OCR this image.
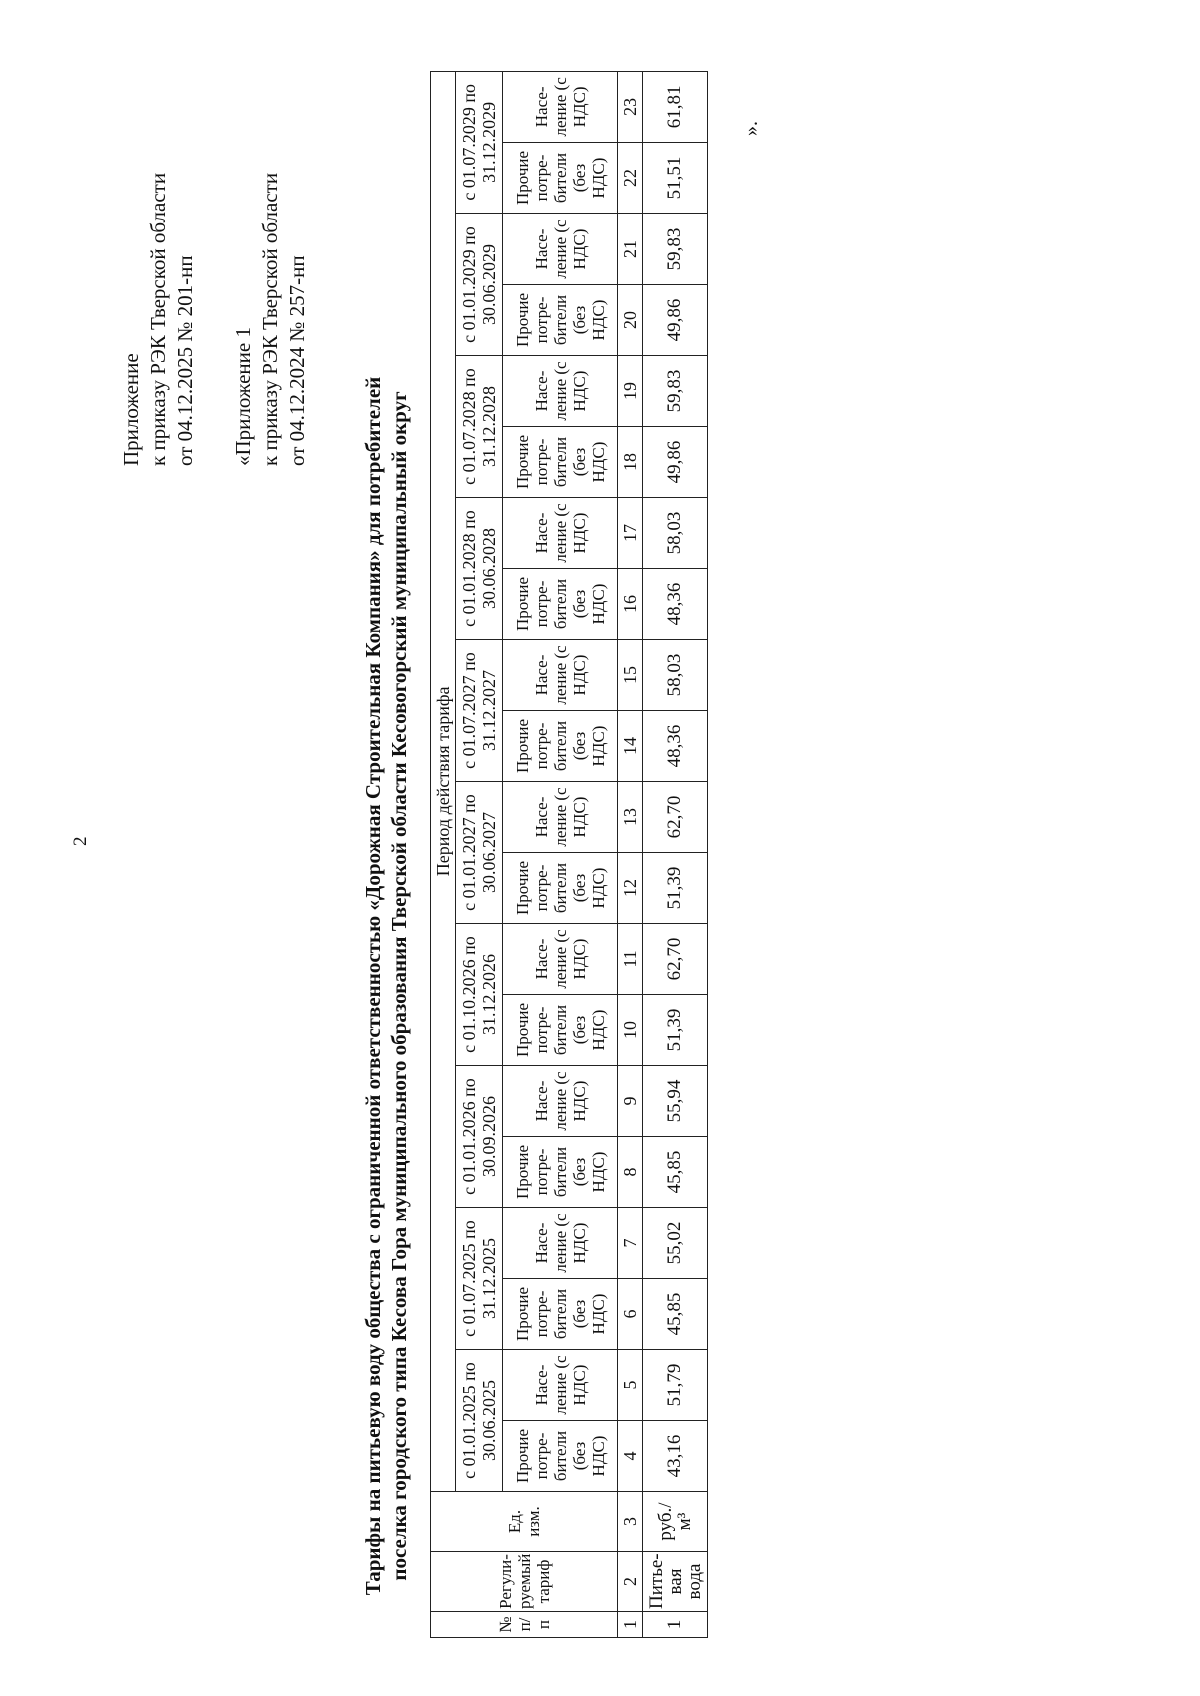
2
Приложение к приказу РЭК Тверской области от 04.12.2025 № 201-нп «Приложение 1 к приказу РЭК Тверской области от 04.12.2024 № 257-нп
Тарифы на питьевую воду общества с ограниченной ответственностью «Дорожная Строительная Компания» для потребителей поселка городского типа Кесова Гора муниципального образования Тверской области Кесовогорский муниципальный округ
№ п/п	Регули-руемый тариф	Ед. изм.	Период действия тарифа																			
			с 01.01.2025 по 30.06.2025		с 01.07.2025 по 31.12.2025		с 01.01.2026 по 30.09.2026		с 01.10.2026 по 31.12.2026		с 01.01.2027 по 30.06.2027		с 01.07.2027 по 31.12.2027		с 01.01.2028 по 30.06.2028		с 01.07.2028 по 31.12.2028		с 01.01.2029 по 30.06.2029		с 01.07.2029 по 31.12.2029	
			Прочие потре-бители (без НДС)	Насе-ление (с НДС)	Прочие потре-бители (без НДС)	Насе-ление (с НДС)	Прочие потре-бители (без НДС)	Насе-ление (с НДС)	Прочие потре-бители (без НДС)	Насе-ление (с НДС)	Прочие потре-бители (без НДС)	Насе-ление (с НДС)	Прочие потре-бители (без НДС)	Насе-ление (с НДС)	Прочие потре-бители (без НДС)	Насе-ление (с НДС)	Прочие потре-бители (без НДС)	Насе-ление (с НДС)	Прочие потре-бители (без НДС)	Насе-ление (с НДС)	Прочие потре-бители (без НДС)	Насе-ление (с НДС)
1	2	3	4	5	6	7	8	9	10	11	12	13	14	15	16	17	18	19	20	21	22	23
1	Питье-вая вода	руб./м³	43,16	51,79	45,85	55,02	45,85	55,94	51,39	62,70	51,39	62,70	48,36	58,03	48,36	58,03	49,86	59,83	49,86	59,83	51,51	61,81
».
